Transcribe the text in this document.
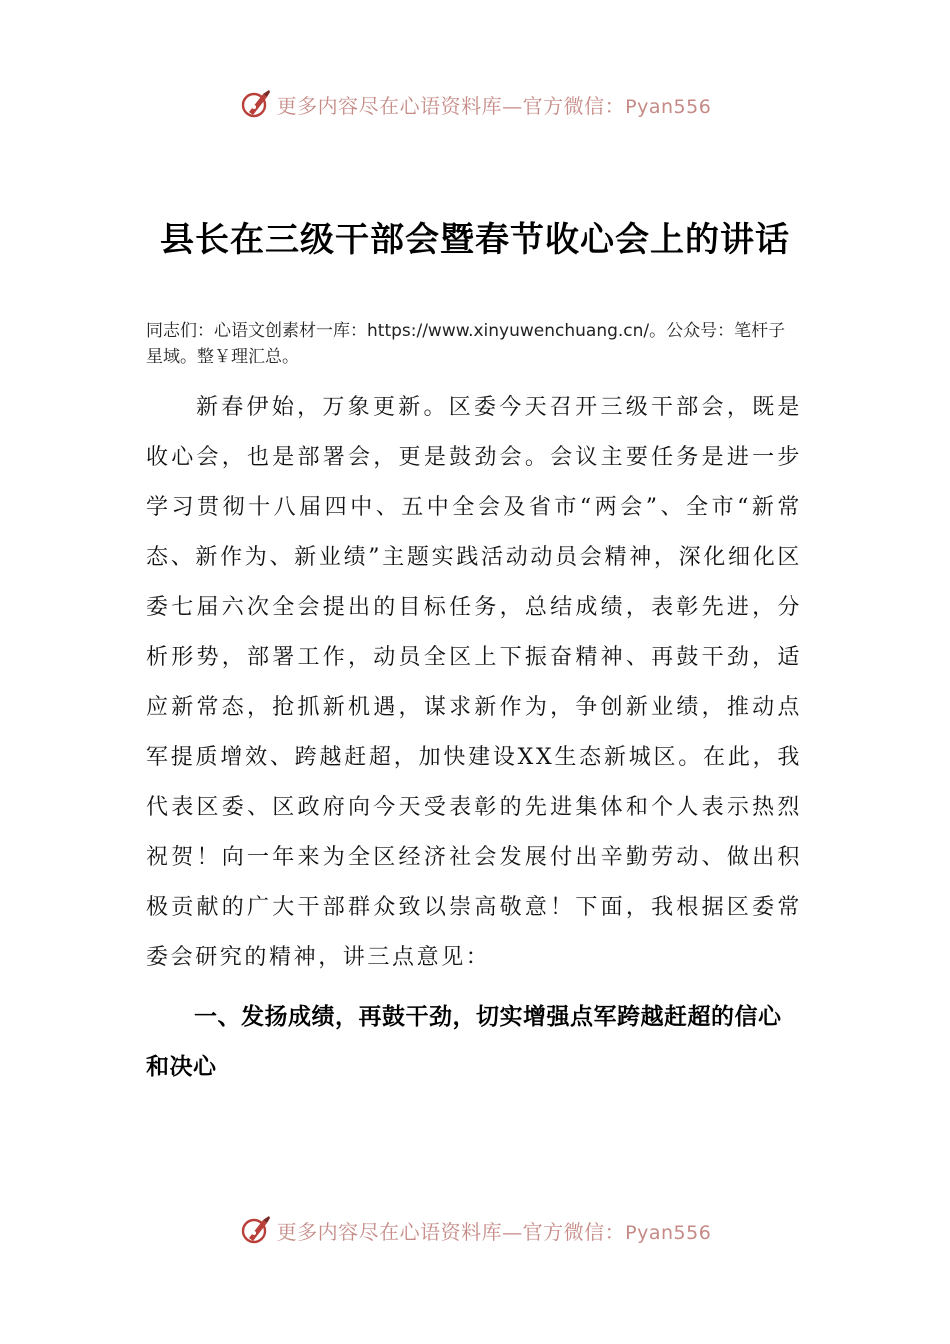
更多内容尽在心语资料库—官方微信：Pyan556
县长在三级干部会暨春节收心会上的讲话
同志们：心语文创素材一库：https://www.xinyuwenchuang.cn/。公众号：笔杆子星域。整￥理汇总。
新春伊始，万象更新。区委今天召开三级干部会，既是收心会，也是部署会，更是鼓劲会。会议主要任务是进一步学习贯彻十八届四中、五中全会及省市“两会”、全市“新常态、新作为、新业绩”主题实践活动动员会精神，深化细化区委七届六次全会提出的目标任务，总结成绩，表彰先进，分析形势，部署工作，动员全区上下振奋精神、再鼓干劲，适应新常态，抢抓新机遇，谋求新作为，争创新业绩，推动点军提质增效、跨越赶超，加快建设XX生态新城区。在此，我代表区委、区政府向今天受表彰的先进集体和个人表示热烈祝贺！向一年来为全区经济社会发展付出辛勤劳动、做出积极贡献的广大干部群众致以崇高敬意！下面，我根据区委常委会研究的精神，讲三点意见：
一、发扬成绩，再鼓干劲，切实增强点军跨越赶超的信心和决心
更多内容尽在心语资料库—官方微信：Pyan556
